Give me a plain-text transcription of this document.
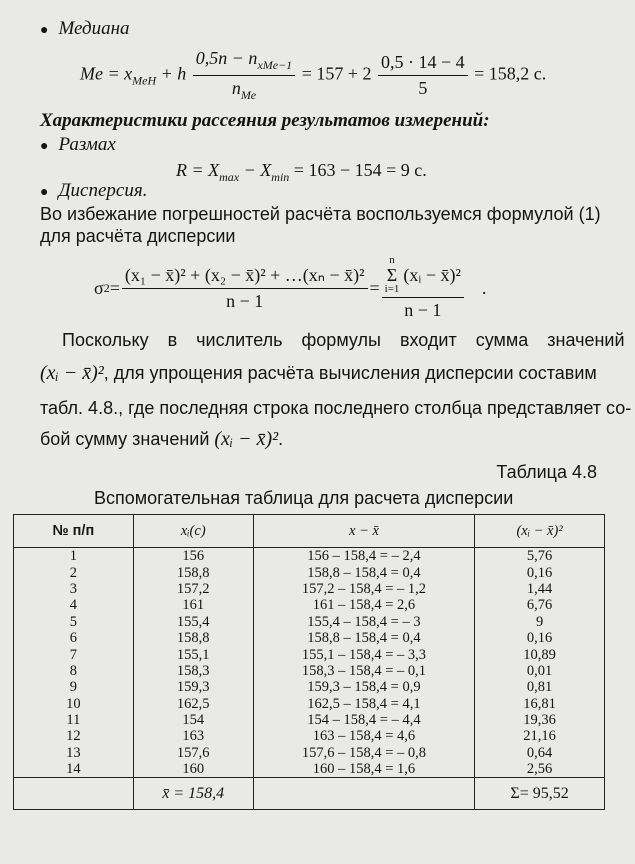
● Медиана
$Me = x_{MeH} + h \frac{0,5n - n_{xMe-1}}{n_{Me}} = 157 + 2 \frac{0,5 \cdot 14 - 4}{5} = 158,2$ с.
Характеристики рассеяния результатов измерений:
● Размах
$R = X_{max} - X_{min} = 163 - 154 = 9$ с.
● Дисперсия.
Во избежание погрешностей расчёта воспользуемся формулой (1)
для расчёта дисперсии
σ $2 = \frac{\text{(x₁ − x̄)² + (x₂ − x̄)² + …(xₙ − x̄)²}}{n - 1} = n$
Σ
i=1
(xᵢ − x̄)²
n − 1 .
Поскольку в числитель формулы входит сумма значений
(xᵢ − x̄)², для упрощения расчёта вычисления дисперсии составим
табл. 4.8., где последняя строка последнего столбца представляет со-
бой сумму значений (xᵢ − x̄)².
Таблица 4.8
Вспомогательная таблица для расчета дисперсии
№ п/п	xᵢ(с)	x − x̄	(xᵢ − x̄)²
1	156	156 – 158,4 = – 2,4	5,76
2	158,8	158,8 – 158,4 = 0,4	0,16
3	157,2	157,2 – 158,4 = – 1,2	1,44
4	161	161 – 158,4 = 2,6	6,76
5	155,4	155,4 – 158,4 = – 3	9
6	158,8	158,8 – 158,4 = 0,4	0,16
7	155,1	155,1 – 158,4 = – 3,3	10,89
8	158,3	158,3 – 158,4 = – 0,1	0,01
9	159,3	159,3 – 158,4 = 0,9	0,81
10	162,5	162,5 – 158,4 = 4,1	16,81
11	154	154 – 158,4 = – 4,4	19,36
12	163	163 – 158,4 = 4,6	21,16
13	157,6	157,6 – 158,4 = – 0,8	0,64
14	160	160 – 158,4 = 1,6	2,56
	x̄ = 158,4		Σ= 95,52
